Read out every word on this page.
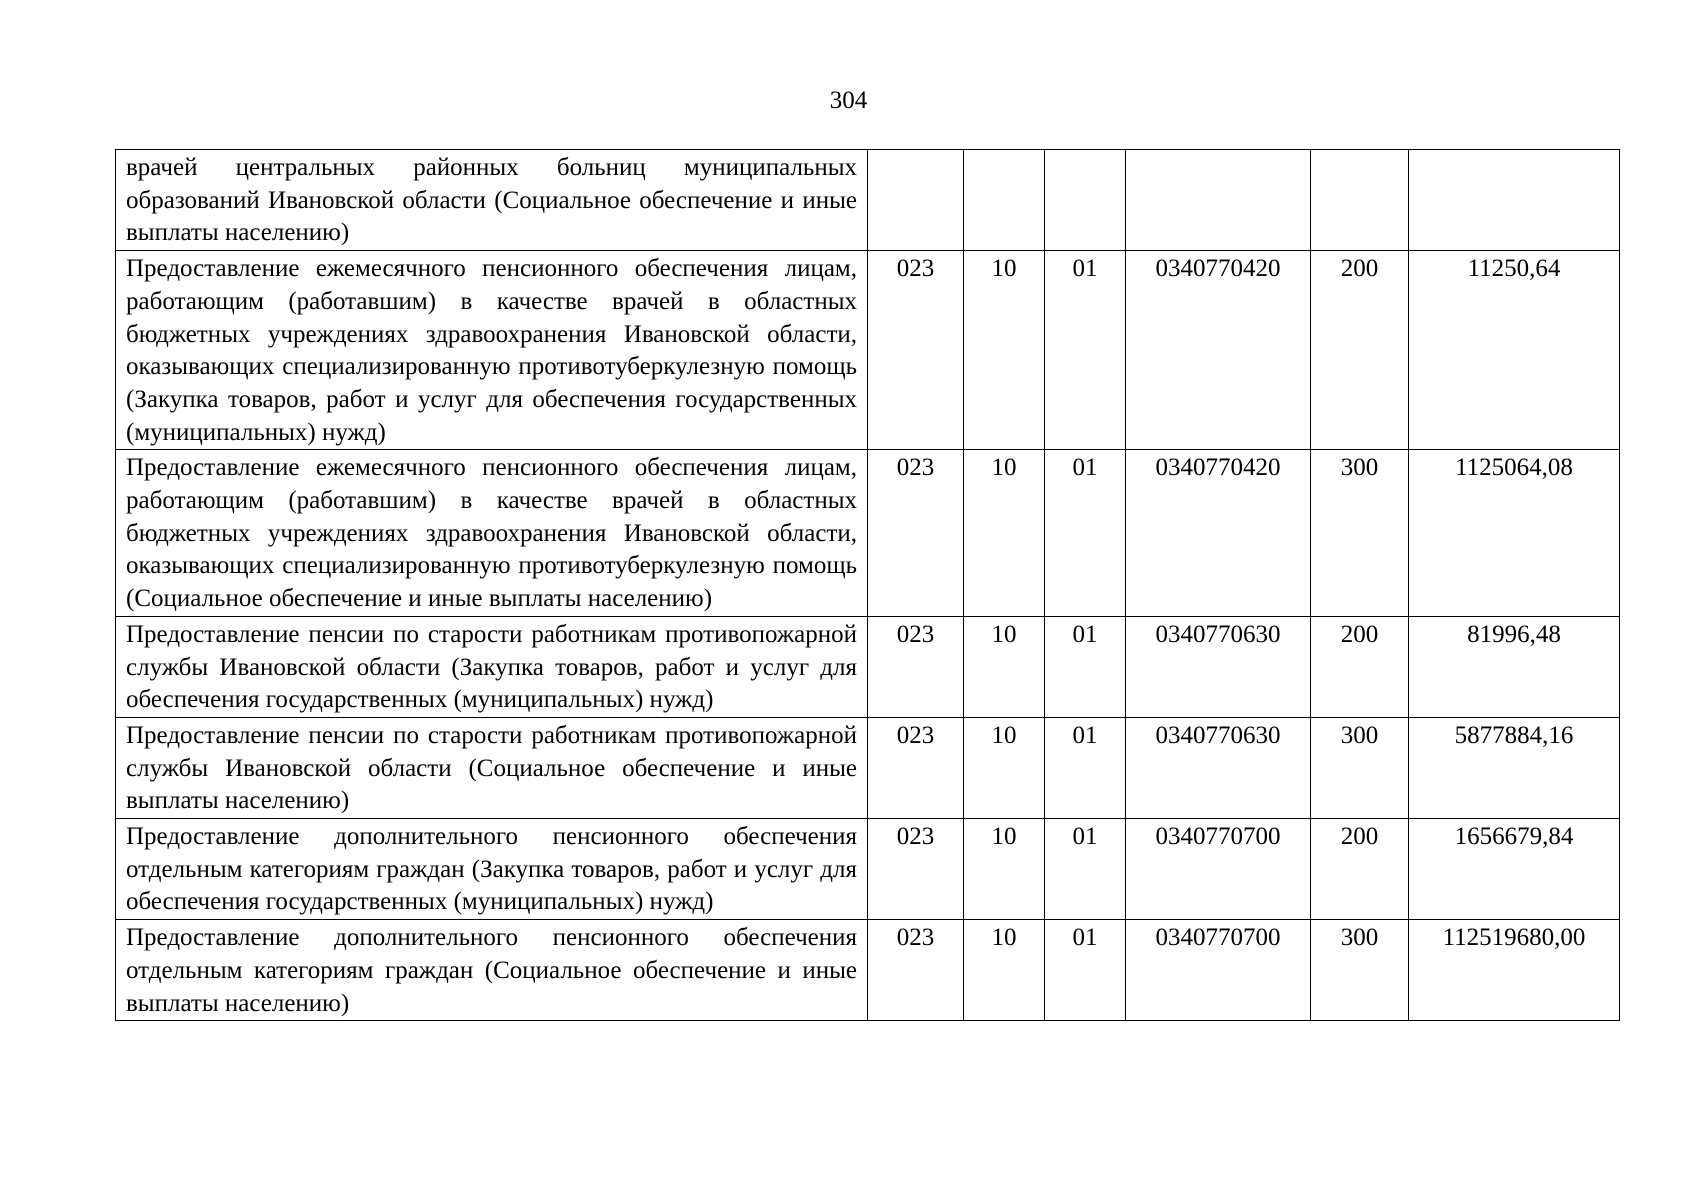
304
врачей центральных районных больниц муниципальных образований Ивановской области (Социальное обеспечение и иные выплаты населению)						
Предоставление ежемесячного пенсионного обеспечения лицам, работающим (работавшим) в качестве врачей в областных бюджетных учреждениях здравоохранения Ивановской области, оказывающих специализированную противотуберкулезную помощь (Закупка товаров, работ и услуг для обеспечения государственных (муниципальных) нужд)	023	10	01	0340770420	200	11250,64
Предоставление ежемесячного пенсионного обеспечения лицам, работающим (работавшим) в качестве врачей в областных бюджетных учреждениях здравоохранения Ивановской области, оказывающих специализированную противотуберкулезную помощь (Социальное обеспечение и иные выплаты населению)	023	10	01	0340770420	300	1125064,08
Предоставление пенсии по старости работникам противопожарной службы Ивановской области (Закупка товаров, работ и услуг для обеспечения государственных (муниципальных) нужд)	023	10	01	0340770630	200	81996,48
Предоставление пенсии по старости работникам противопожарной службы Ивановской области (Социальное обеспечение и иные выплаты населению)	023	10	01	0340770630	300	5877884,16
Предоставление дополнительного пенсионного обеспечения отдельным категориям граждан (Закупка товаров, работ и услуг для обеспечения государственных (муниципальных) нужд)	023	10	01	0340770700	200	1656679,84
Предоставление дополнительного пенсионного обеспечения отдельным категориям граждан (Социальное обеспечение и иные выплаты населению)	023	10	01	0340770700	300	112519680,00
